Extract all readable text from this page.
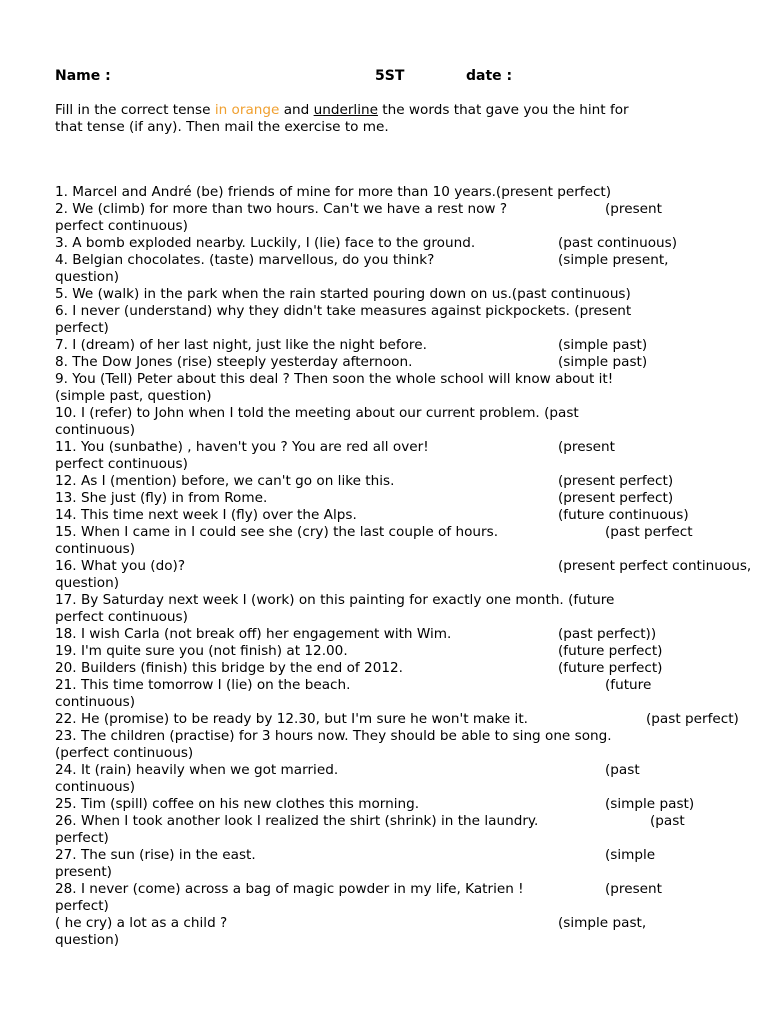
Name :	5ST	date :
Fill in the correct tense in orange and underline the words that gave you the hint for
that tense (if any). Then mail the exercise to me.
1. Marcel and André (be) friends of mine for more than 10 years.(present perfect)
2. We (climb) for more than two hours. Can't we have a rest now ?	(present
perfect continuous)
3. A bomb exploded nearby. Luckily, I (lie) face to the ground.	(past continuous)
4. Belgian chocolates. (taste) marvellous, do you think?	(simple present,
question)
5. We (walk) in the park when the rain started pouring down on us.(past continuous)
6. I never (understand) why they didn't take measures against pickpockets. (present
perfect)
7. I (dream) of her last night, just like the night before.	(simple past)
8. The Dow Jones (rise) steeply yesterday afternoon.	(simple past)
9. You (Tell) Peter about this deal ? Then soon the whole school will know about it!
(simple past, question)
10. I (refer) to John when I told the meeting about our current problem. (past
continuous)
11. You (sunbathe) , haven't you ? You are red all over!	(present
perfect continuous)
12. As I (mention) before, we can't go on like this.	(present perfect)
13. She just (fly) in from Rome.	(present perfect)
14. This time next week I (fly) over the Alps.	(future continuous)
15. When I came in I could see she (cry) the last couple of hours.	(past perfect
continuous)
16. What you (do)?	(present perfect continuous,
question)
17. By Saturday next week I (work) on this painting for exactly one month. (future
perfect continuous)
18. I wish Carla (not break off) her engagement with Wim.	(past perfect))
19. I'm quite sure you (not finish) at 12.00.	(future perfect)
20. Builders (finish) this bridge by the end of 2012.	(future perfect)
21. This time tomorrow I (lie) on the beach.	(future
continuous)
22. He (promise) to be ready by 12.30, but I'm sure he won't make it.	(past perfect)
23. The children (practise) for 3 hours now. They should be able to sing one song.
(perfect continuous)
24. It (rain) heavily when we got married.	(past
continuous)
25. Tim (spill) coffee on his new clothes this morning.	(simple past)
26. When I took another look I realized the shirt (shrink) in the laundry.	(past
perfect)
27. The sun (rise) in the east.	(simple
present)
28. I never (come) across a bag of magic powder in my life, Katrien !	(present
perfect)
( he cry) a lot as a child ?	(simple past,
question)
